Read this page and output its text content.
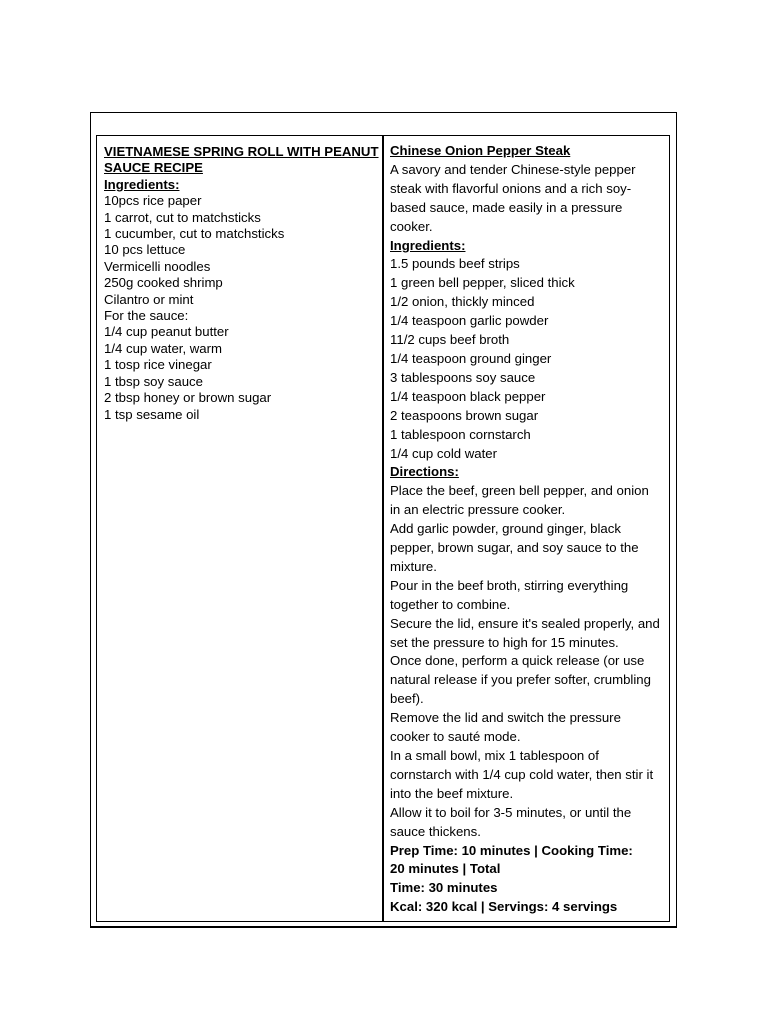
VIETNAMESE SPRING ROLL WITH PEANUT SAUCE RECIPE
Ingredients:
10pcs rice paper
1 carrot, cut to matchsticks
1 cucumber, cut to matchsticks
10 pcs lettuce
Vermicelli noodles
250g cooked shrimp
Cilantro or mint
For the sauce:
1/4 cup peanut butter
1/4 cup water, warm
1 tosp rice vinegar
1 tbsp soy sauce
2 tbsp honey or brown sugar
1 tsp sesame oil
Chinese Onion Pepper Steak
A savory and tender Chinese-style pepper steak with flavorful onions and a rich soy-based sauce, made easily in a pressure cooker.
Ingredients:
1.5 pounds beef strips
1 green bell pepper, sliced thick
1/2 onion, thickly minced
1/4 teaspoon garlic powder
11/2 cups beef broth
1/4 teaspoon ground ginger
3 tablespoons soy sauce
1/4 teaspoon black pepper
2 teaspoons brown sugar
1 tablespoon cornstarch
1/4 cup cold water
Directions:
Place the beef, green bell pepper, and onion in an electric pressure cooker.
Add garlic powder, ground ginger, black pepper, brown sugar, and soy sauce to the mixture.
Pour in the beef broth, stirring everything together to combine.
Secure the lid, ensure it's sealed properly, and set the pressure to high for 15 minutes.
Once done, perform a quick release (or use natural release if you prefer softer, crumbling beef).
Remove the lid and switch the pressure cooker to sauté mode.
In a small bowl, mix 1 tablespoon of cornstarch with 1/4 cup cold water, then stir it into the beef mixture.
Allow it to boil for 3-5 minutes, or until the sauce thickens.
Prep Time: 10 minutes | Cooking Time:
20 minutes | Total
Time: 30 minutes
Kcal: 320 kcal | Servings: 4 servings
